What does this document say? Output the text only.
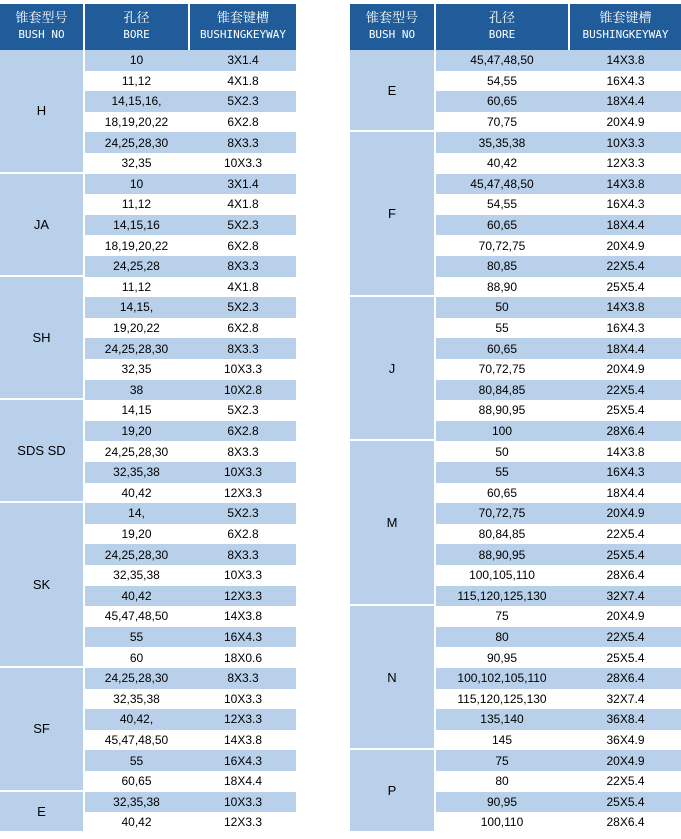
锥套型号
BUSH NO
孔径
BORE
锥套键槽
BUSHINGKEYWAY
H
10	3X1.4
11,12	4X1.8
14,15,16,	5X2.3
18,19,20,22	6X2.8
24,25,28,30	8X3.3
32,35	10X3.3
JA
10	3X1.4
11,12	4X1.8
14,15,16	5X2.3
18,19,20,22	6X2.8
24,25,28	8X3.3
SH
11,12	4X1.8
14,15,	5X2.3
19,20,22	6X2.8
24,25,28,30	8X3.3
32,35	10X3.3
38	10X2.8
SDS SD
14,15	5X2.3
19,20	6X2.8
24,25,28,30	8X3.3
32,35,38	10X3.3
40,42	12X3.3
SK
14,	5X2.3
19,20	6X2.8
24,25,28,30	8X3.3
32,35,38	10X3.3
40,42	12X3.3
45,47,48,50	14X3.8
55	16X4.3
60	18X0.6
SF
24,25,28,30	8X3.3
32,35,38	10X3.3
40,42,	12X3.3
45,47,48,50	14X3.8
55	16X4.3
60,65	18X4.4
E
32,35,38	10X3.3
40,42	12X3.3
锥套型号
BUSH NO
孔径
BORE
锥套键槽
BUSHINGKEYWAY
E
45,47,48,50	14X3.8
54,55	16X4.3
60,65	18X4.4
70,75	20X4.9
F
35,35,38	10X3.3
40,42	12X3.3
45,47,48,50	14X3.8
54,55	16X4.3
60,65	18X4.4
70,72,75	20X4.9
80,85	22X5.4
88,90	25X5.4
J
50	14X3.8
55	16X4.3
60,65	18X4.4
70,72,75	20X4.9
80,84,85	22X5.4
88,90,95	25X5.4
100	28X6.4
M
50	14X3.8
55	16X4.3
60,65	18X4.4
70,72,75	20X4.9
80,84,85	22X5.4
88,90,95	25X5.4
100,105,110	28X6.4
115,120,125,130	32X7.4
N
75	20X4.9
80	22X5.4
90,95	25X5.4
100,102,105,110	28X6.4
115,120,125,130	32X7.4
135,140	36X8.4
145	36X4.9
P
75	20X4.9
80	22X5.4
90,95	25X5.4
100,110	28X6.4
